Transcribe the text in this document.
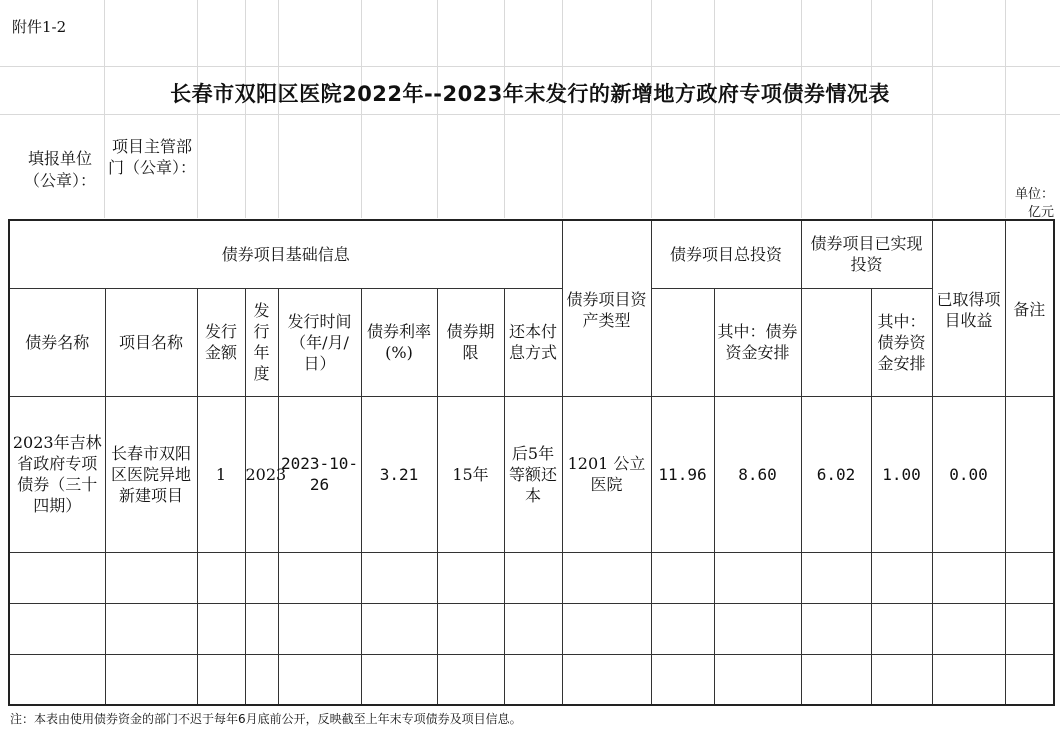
附件1-2
长春市双阳区医院2022年--2023年末发行的新增地方政府专项债券情况表
填报单位（公章）：
项目主管部门（公章）：
单位：亿元
债券项目基础信息								债券项目资产类型	债券项目总投资		债券项目已实现投资		已取得项目收益	备注
债券名称	项目名称	发行金额	发行年度	发行时间（年/月/日）	债券利率(%)	债券期限	还本付息方式			其中：债券资金安排		其中：债券资金安排		
2023年吉林省政府专项债券（三十四期）	长春市双阳区医院异地新建项目	1	2023	2023-10-26	3.21	15年	后5年等额还本	1201 公立医院	11.96	8.60	6.02	1.00	0.00	

注：本表由使用债券资金的部门不迟于每年6月底前公开，反映截至上年末专项债券及项目信息。
